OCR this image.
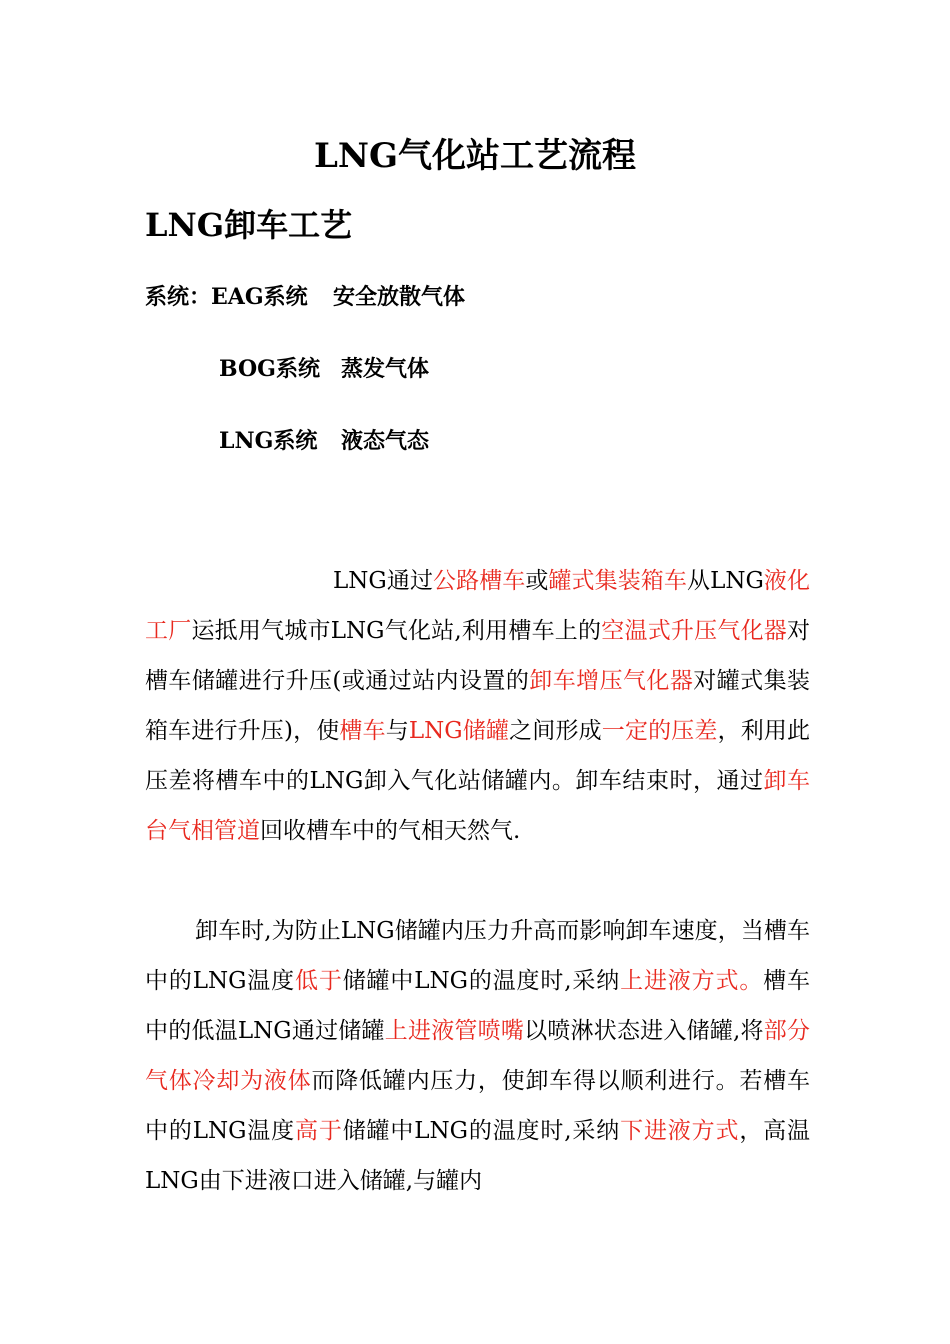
LNG气化站工艺流程
LNG卸车工艺
系统：EAG系统 安全放散气体
BOG系统 蒸发气体
LNG系统 液态气态

LNG通过公路槽车或罐式集装箱车从LNG液化工厂运抵用气城市LNG气化站,利用槽车上的空温式升压气化器对槽车储罐进行升压(或通过站内设置的卸车增压气化器对罐式集装箱车进行升压)，使槽车与LNG储罐之间形成一定的压差，利用此压差将槽车中的LNG卸入气化站储罐内。卸车结束时，通过卸车台气相管道回收槽车中的气相天然气.

卸车时,为防止LNG储罐内压力升高而影响卸车速度，当槽车中的LNG温度低于储罐中LNG的温度时,采纳上进液方式。槽车中的低温LNG通过储罐上进液管喷嘴以喷淋状态进入储罐,将部分气体冷却为液体而降低罐内压力，使卸车得以顺利进行。若槽车中的LNG温度高于储罐中LNG的温度时,采纳下进液方式，高温LNG由下进液口进入储罐,与罐内
